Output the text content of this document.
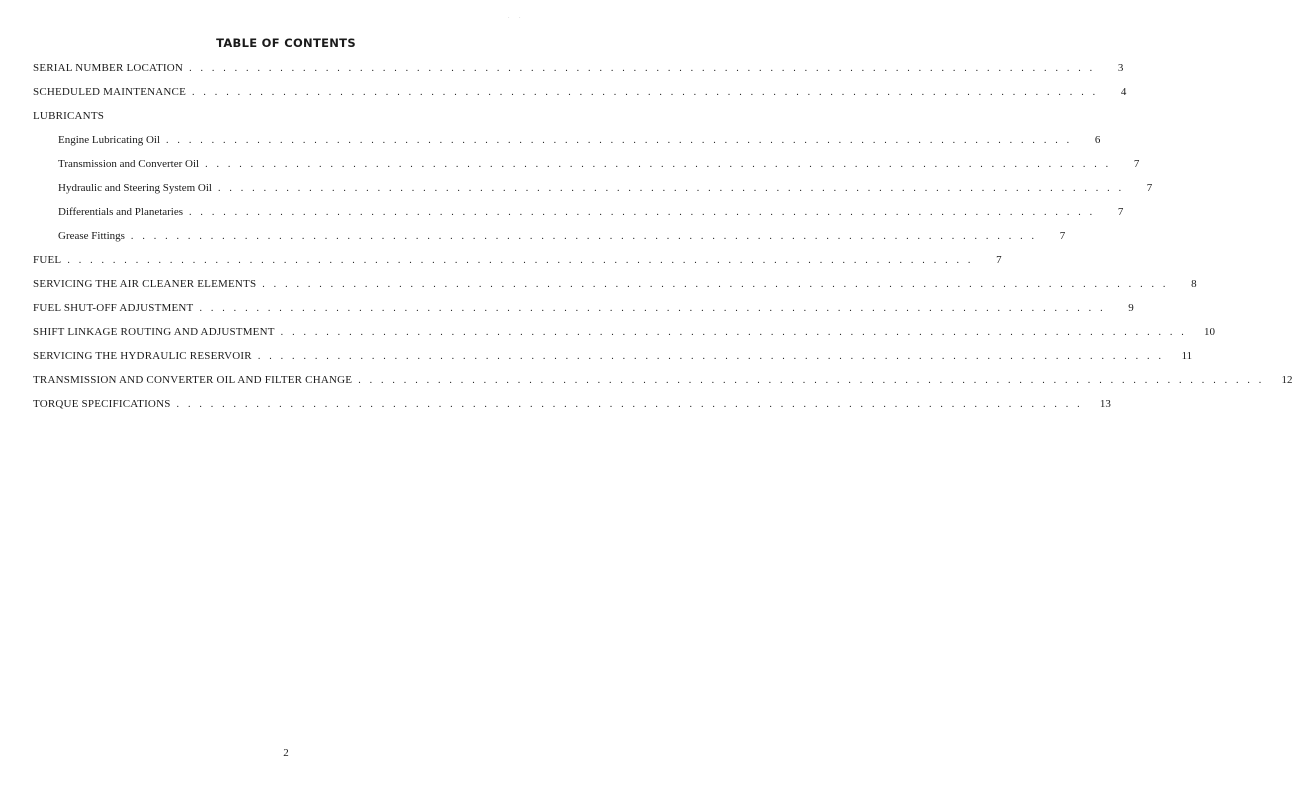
. .
TABLE OF CONTENTS
SERIAL NUMBER LOCATION . . . . . . . . . . . . . . . . . . . . . . . . . . . . . . . . . . . . . . . . . . . . . . . . . . . . . . . . . . . . . . . . . . . . . . . . . . . . . . . .	3
SCHEDULED MAINTENANCE . . . . . . . . . . . . . . . . . . . . . . . . . . . . . . . . . . . . . . . . . . . . . . . . . . . . . . . . . . . . . . . . . . . . . . . . . . . . . . . .	4
LUBRICANTS
Engine Lubricating Oil . . . . . . . . . . . . . . . . . . . . . . . . . . . . . . . . . . . . . . . . . . . . . . . . . . . . . . . . . . . . . . . . . . . . . . . . . . . . . . . .	6
Transmission and Converter Oil . . . . . . . . . . . . . . . . . . . . . . . . . . . . . . . . . . . . . . . . . . . . . . . . . . . . . . . . . . . . . . . . . . . . . . . . . . . . . . . .	7
Hydraulic and Steering System Oil . . . . . . . . . . . . . . . . . . . . . . . . . . . . . . . . . . . . . . . . . . . . . . . . . . . . . . . . . . . . . . . . . . . . . . . . . . . . . . . .	7
Differentials and Planetaries . . . . . . . . . . . . . . . . . . . . . . . . . . . . . . . . . . . . . . . . . . . . . . . . . . . . . . . . . . . . . . . . . . . . . . . . . . . . . . . .	7
Grease Fittings . . . . . . . . . . . . . . . . . . . . . . . . . . . . . . . . . . . . . . . . . . . . . . . . . . . . . . . . . . . . . . . . . . . . . . . . . . . . . . . .	7
FUEL . . . . . . . . . . . . . . . . . . . . . . . . . . . . . . . . . . . . . . . . . . . . . . . . . . . . . . . . . . . . . . . . . . . . . . . . . . . . . . . .	7
SERVICING THE AIR CLEANER ELEMENTS . . . . . . . . . . . . . . . . . . . . . . . . . . . . . . . . . . . . . . . . . . . . . . . . . . . . . . . . . . . . . . . . . . . . . . . . . . . . . . . .	8
FUEL SHUT-OFF ADJUSTMENT . . . . . . . . . . . . . . . . . . . . . . . . . . . . . . . . . . . . . . . . . . . . . . . . . . . . . . . . . . . . . . . . . . . . . . . . . . . . . . . .	9
SHIFT LINKAGE ROUTING AND ADJUSTMENT . . . . . . . . . . . . . . . . . . . . . . . . . . . . . . . . . . . . . . . . . . . . . . . . . . . . . . . . . . . . . . . . . . . . . . . . . . . . . . . .	10
SERVICING THE HYDRAULIC RESERVOIR . . . . . . . . . . . . . . . . . . . . . . . . . . . . . . . . . . . . . . . . . . . . . . . . . . . . . . . . . . . . . . . . . . . . . . . . . . . . . . . .	11
TRANSMISSION AND CONVERTER OIL AND FILTER CHANGE . . . . . . . . . . . . . . . . . . . . . . . . . . . . . . . . . . . . . . . . . . . . . . . . . . . . . . . . . . . . . . . . . . . . . . . . . . . . . . . .	12
TORQUE SPECIFICATIONS . . . . . . . . . . . . . . . . . . . . . . . . . . . . . . . . . . . . . . . . . . . . . . . . . . . . . . . . . . . . . . . . . . . . . . . . . . . . . . . .	13
2
